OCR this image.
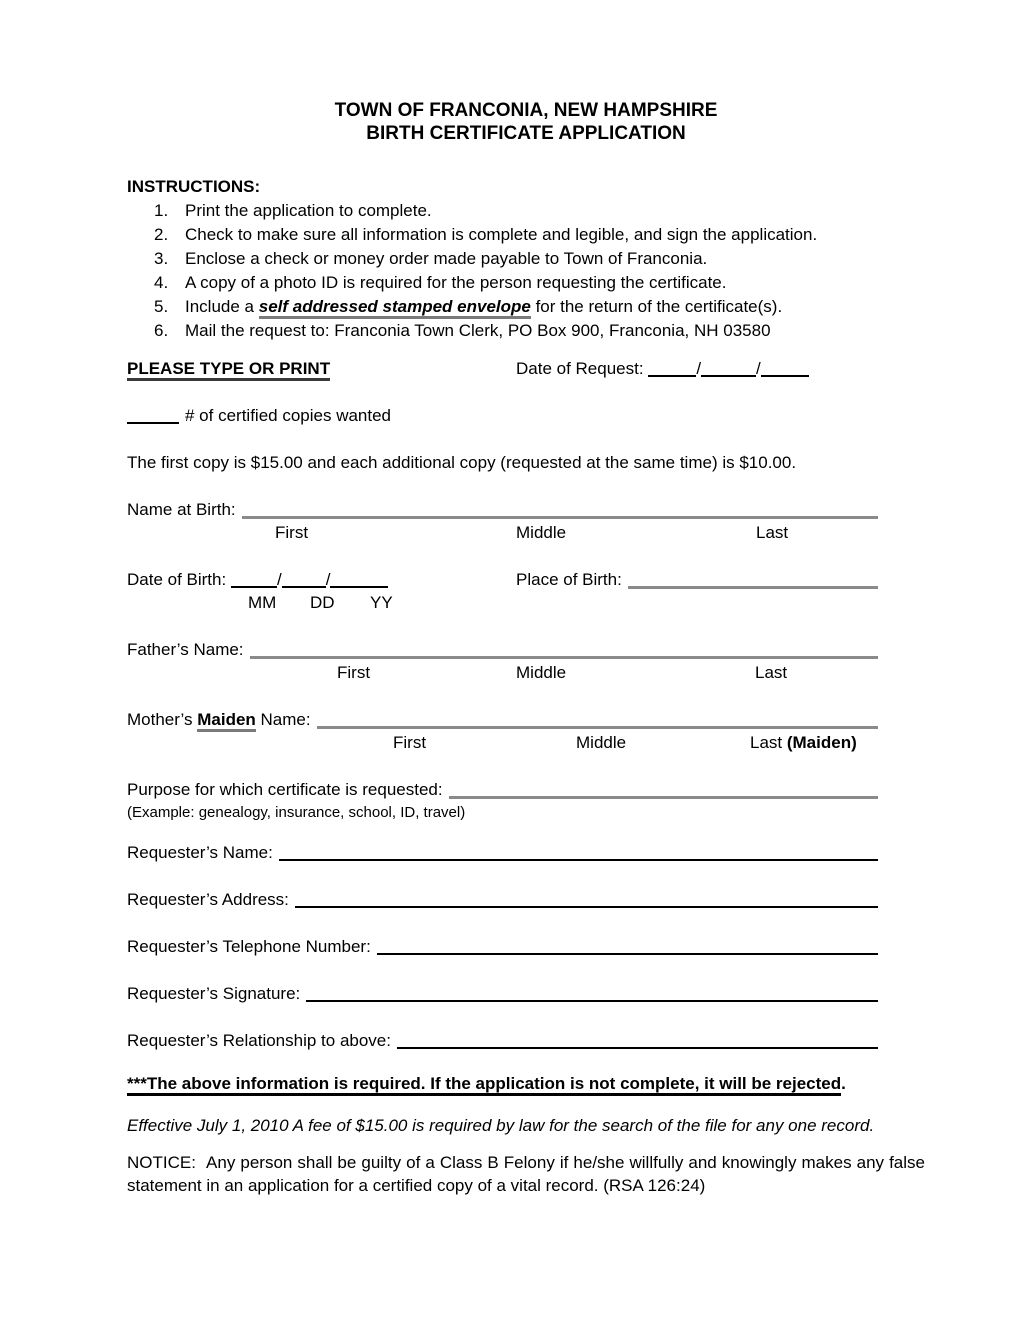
TOWN OF FRANCONIA, NEW HAMPSHIRE
BIRTH CERTIFICATE APPLICATION
INSTRUCTIONS:
1. Print the application to complete.
2. Check to make sure all information is complete and legible, and sign the application.
3. Enclose a check or money order made payable to Town of Franconia.
4. A copy of a photo ID is required for the person requesting the certificate.
5. Include a self addressed stamped envelope for the return of the certificate(s).
6. Mail the request to: Franconia Town Clerk, PO Box 900, Franconia, NH 03580
PLEASE TYPE OR PRINT	Date of Request:	/	/
# of certified copies wanted
The first copy is $15.00 and each additional copy (requested at the same time) is $10.00.
Name at Birth:
First	Middle	Last
Date of Birth:	/	/	Place of Birth:
MM DD YY
Father’s Name:
First	Middle	Last
Mother’s Maiden Name:
First	Middle	Last (Maiden)
Purpose for which certificate is requested:
(Example: genealogy, insurance, school, ID, travel)
Requester’s Name:
Requester’s Address:
Requester’s Telephone Number:
Requester’s Signature:
Requester’s Relationship to above:
***The above information is required. If the application is not complete, it will be rejected.
Effective July 1, 2010 A fee of $15.00 is required by law for the search of the file for any one record.
NOTICE:  Any person shall be guilty of a Class B Felony if he/she willfully and knowingly makes any false statement in an application for a certified copy of a vital record. (RSA 126:24)
